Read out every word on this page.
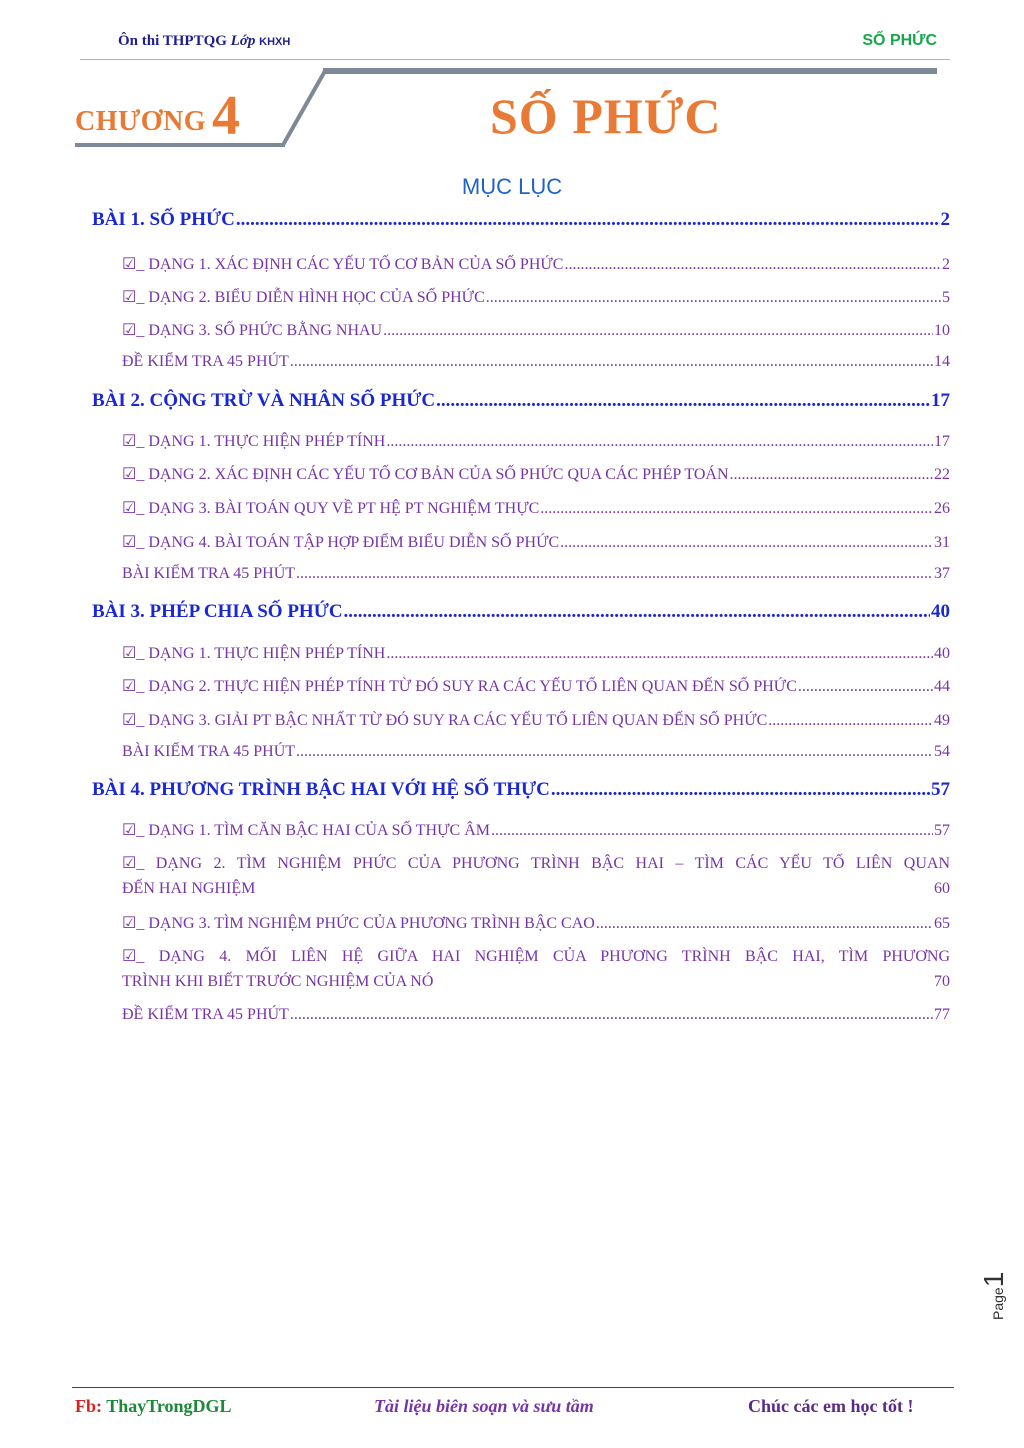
Ôn thi THPTQG Lớp KHXH	SỐ PHỨC
CHƯƠNG 4	SỐ PHỨC
MỤC LỤC
BÀI 1. SỐ PHỨC .....	2
☑_ DẠNG 1. XÁC ĐỊNH CÁC YẾU TỐ CƠ BẢN CỦA SỐ PHỨC .....	2
☑_ DẠNG 2. BIỂU DIỄN HÌNH HỌC CỦA SỐ PHỨC .....	5
☑_ DẠNG 3. SỐ PHỨC BẰNG NHAU .....	10
ĐỀ KIỂM TRA 45 PHÚT .....	14
BÀI 2. CỘNG TRỪ VÀ NHÂN SỐ PHỨC .....	17
☑_ DẠNG 1. THỰC HIỆN PHÉP TÍNH .....	17
☑_ DẠNG 2. XÁC ĐỊNH CÁC YẾU TỐ CƠ BẢN CỦA SỐ PHỨC QUA CÁC PHÉP TOÁN .....	22
☑_ DẠNG 3. BÀI TOÁN QUY VỀ PT HỆ PT NGHIỆM THỰC .....	26
☑_ DẠNG 4. BÀI TOÁN TẬP HỢP ĐIỂM BIỂU DIỄN SỐ PHỨC .....	31
BÀI KIỂM TRA 45 PHÚT .....	37
BÀI 3. PHÉP CHIA SỐ PHỨC .....	40
☑_ DẠNG 1. THỰC HIỆN PHÉP TÍNH .....	40
☑_ DẠNG 2. THỰC HIỆN PHÉP TÍNH TỪ ĐÓ SUY RA CÁC YẾU TỐ LIÊN QUAN ĐẾN SỐ PHỨC .....	44
☑_ DẠNG 3. GIẢI PT BẬC NHẤT TỪ ĐÓ SUY RA CÁC YẾU TỐ LIÊN QUAN ĐẾN SỐ PHỨC .....	49
BÀI KIỂM TRA 45 PHÚT .....	54
BÀI 4. PHƯƠNG TRÌNH BẬC HAI VỚI HỆ SỐ THỰC .....	57
☑_ DẠNG 1. TÌM CĂN BẬC HAI CỦA SỐ THỰC ÂM .....	57
☑_ DẠNG 2. TÌM NGHIỆM PHỨC CỦA PHƯƠNG TRÌNH BẬC HAI – TÌM CÁC YẾU TỐ LIÊN QUAN
ĐẾN HAI NGHIỆM	60
☑_ DẠNG 3. TÌM NGHIỆM PHỨC CỦA PHƯƠNG TRÌNH BẬC CAO .....	65
☑_ DẠNG 4. MỐI LIÊN HỆ GIỮA HAI NGHIỆM CỦA PHƯƠNG TRÌNH BẬC HAI, TÌM PHƯƠNG
TRÌNH KHI BIẾT TRƯỚC NGHIỆM CỦA NÓ	70
ĐỀ KIỂM TRA 45 PHÚT .....	77
Page1
Fb: ThayTrongDGL	Tài liệu biên soạn và sưu tầm	Chúc các em học tốt !
